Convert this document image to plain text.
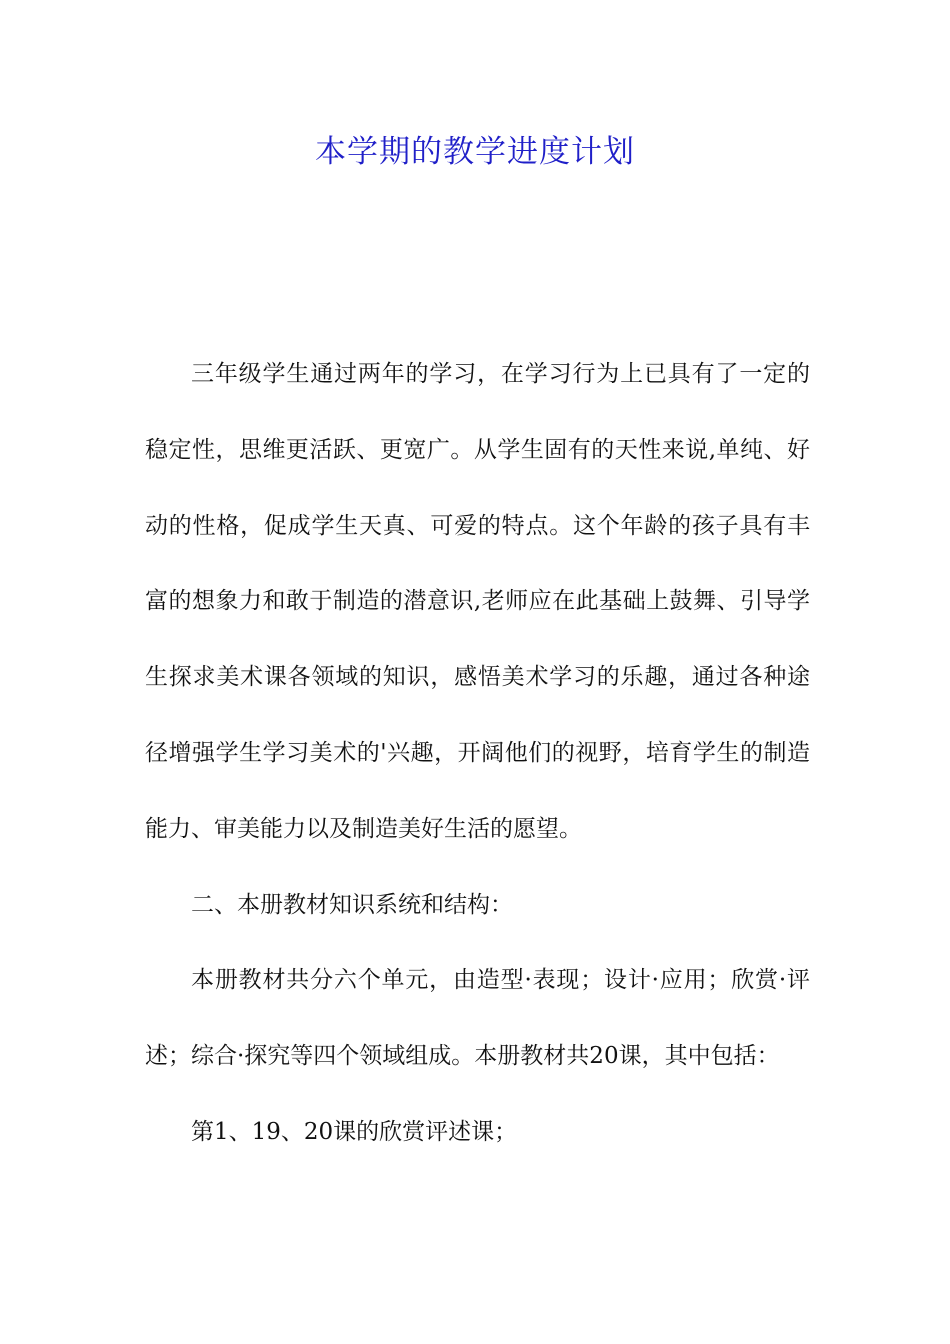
本学期的教学进度计划

三年级学生通过两年的学习，在学习行为上已具有了一定的稳定性，思维更活跃、更宽广。从学生固有的天性来说,单纯、好动的性格，促成学生天真、可爱的特点。这个年龄的孩子具有丰富的想象力和敢于制造的潜意识,老师应在此基础上鼓舞、引导学生探求美术课各领域的知识，感悟美术学习的乐趣，通过各种途径增强学生学习美术的'兴趣，开阔他们的视野，培育学生的制造能力、审美能力以及制造美好生活的愿望。

二、本册教材知识系统和结构：

本册教材共分六个单元，由造型·表现；设计·应用；欣赏·评述；综合·探究等四个领域组成。本册教材共20课，其中包括：

第1、19、20课的欣赏评述课；
